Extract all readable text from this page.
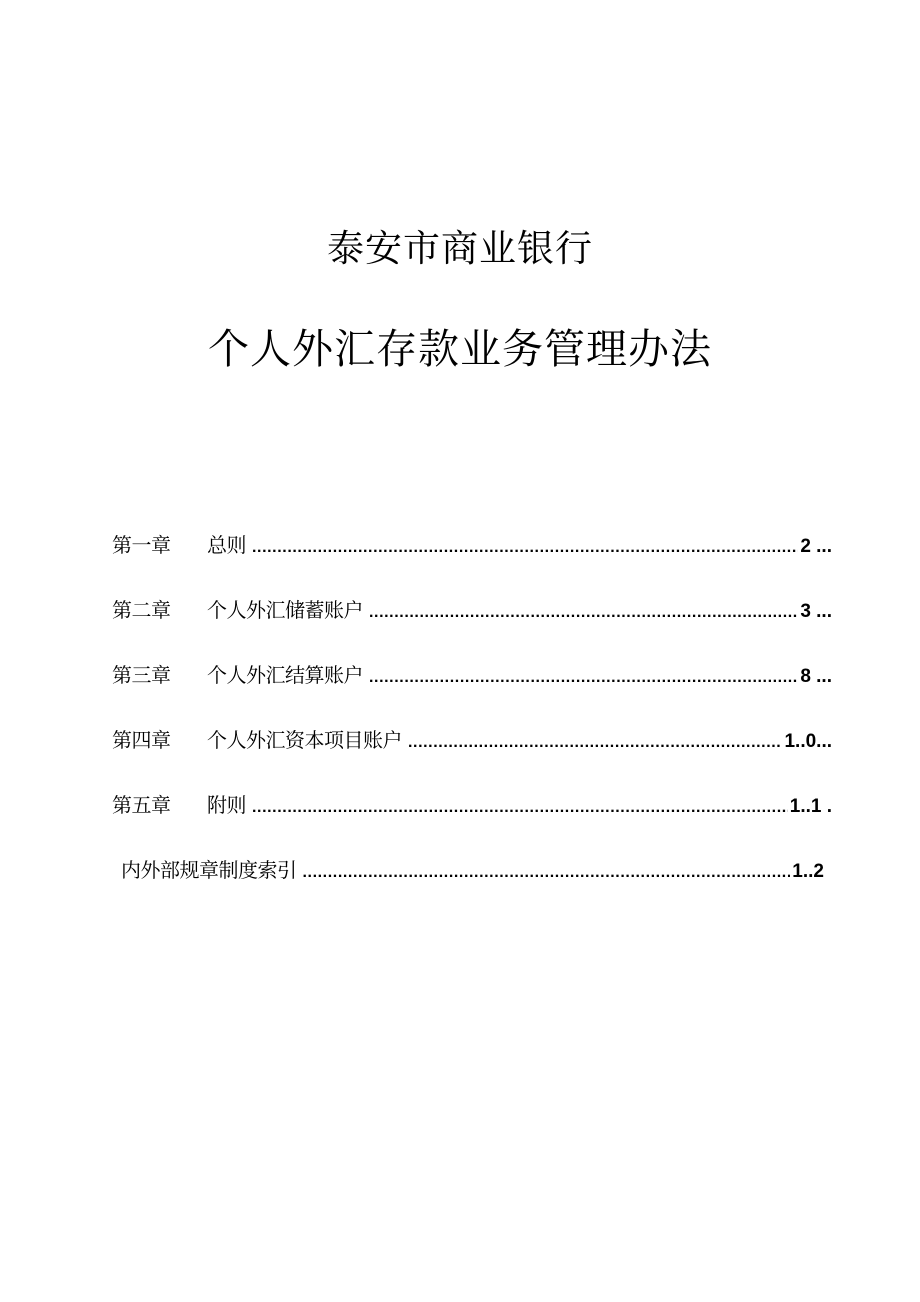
泰安市商业银行
个人外汇存款业务管理办法
第一章	总则 .....	2 ...
第二章	个人外汇储蓄账户 .....	3 ...
第三章	个人外汇结算账户 .....	8 ...
第四章	个人外汇资本项目账户 .....	1..0...
第五章	附则 .....	1..1 .
内外部规章制度索引 .....	1..2
